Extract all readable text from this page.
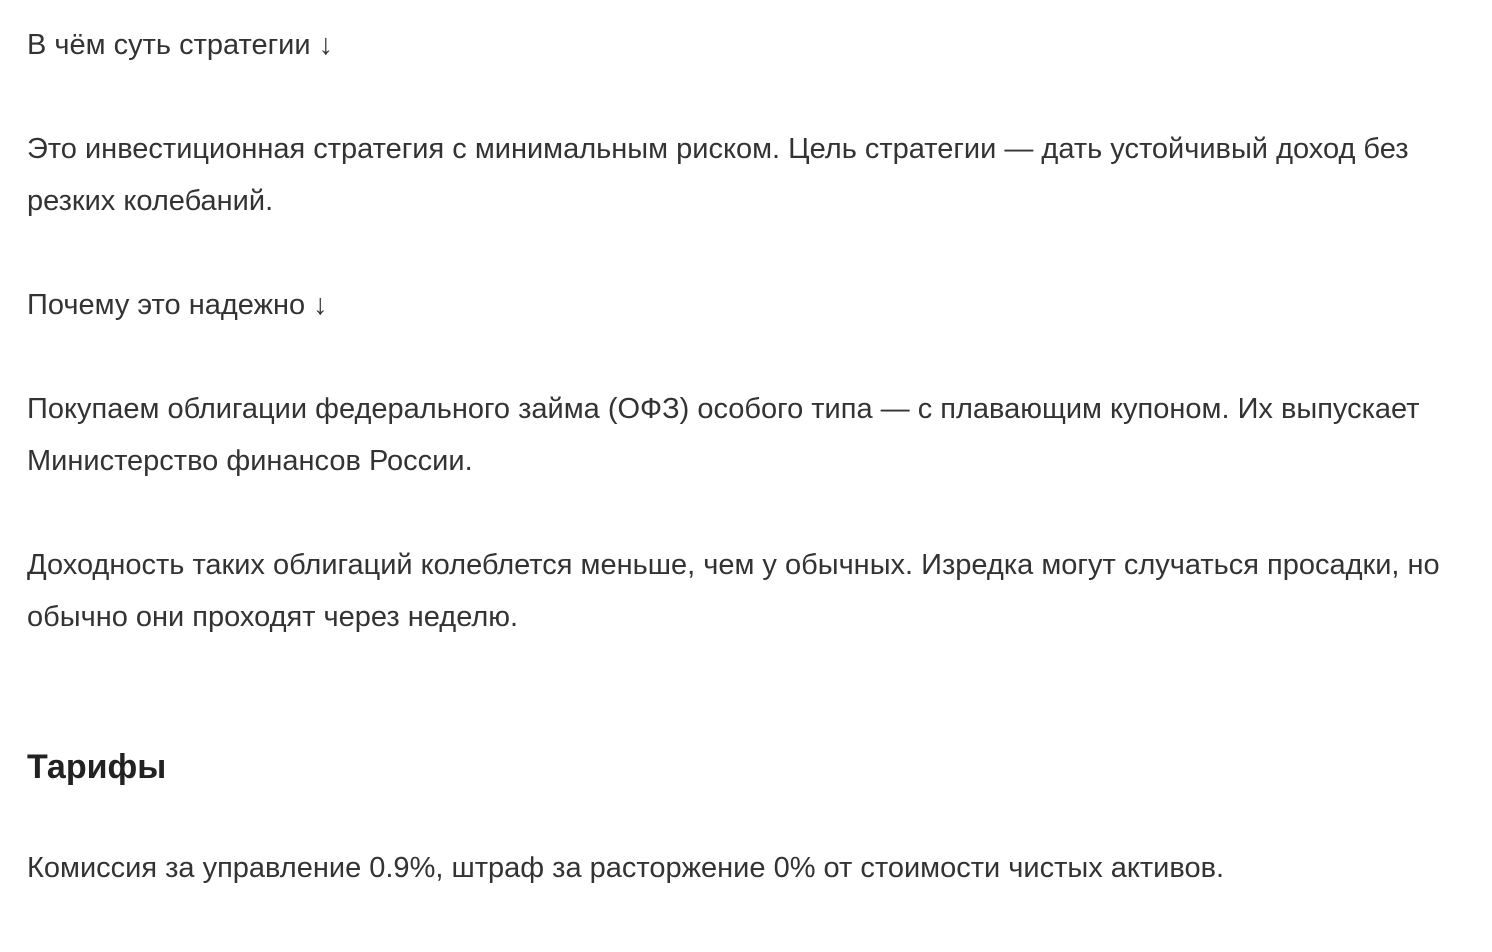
В чём суть стратегии ↓

Это инвестиционная стратегия с минимальным риском. Цель стратегии — дать устойчивый доход без резких колебаний.

Почему это надежно ↓

Покупаем облигации федерального займа (ОФЗ) особого типа — с плавающим купоном. Их выпускает Министерство финансов России.

Доходность таких облигаций колеблется меньше, чем у обычных. Изредка могут случаться просадки, но обычно они проходят через неделю.

Тарифы

Комиссия за управление 0.9%, штраф за расторжение 0% от стоимости чистых активов.
